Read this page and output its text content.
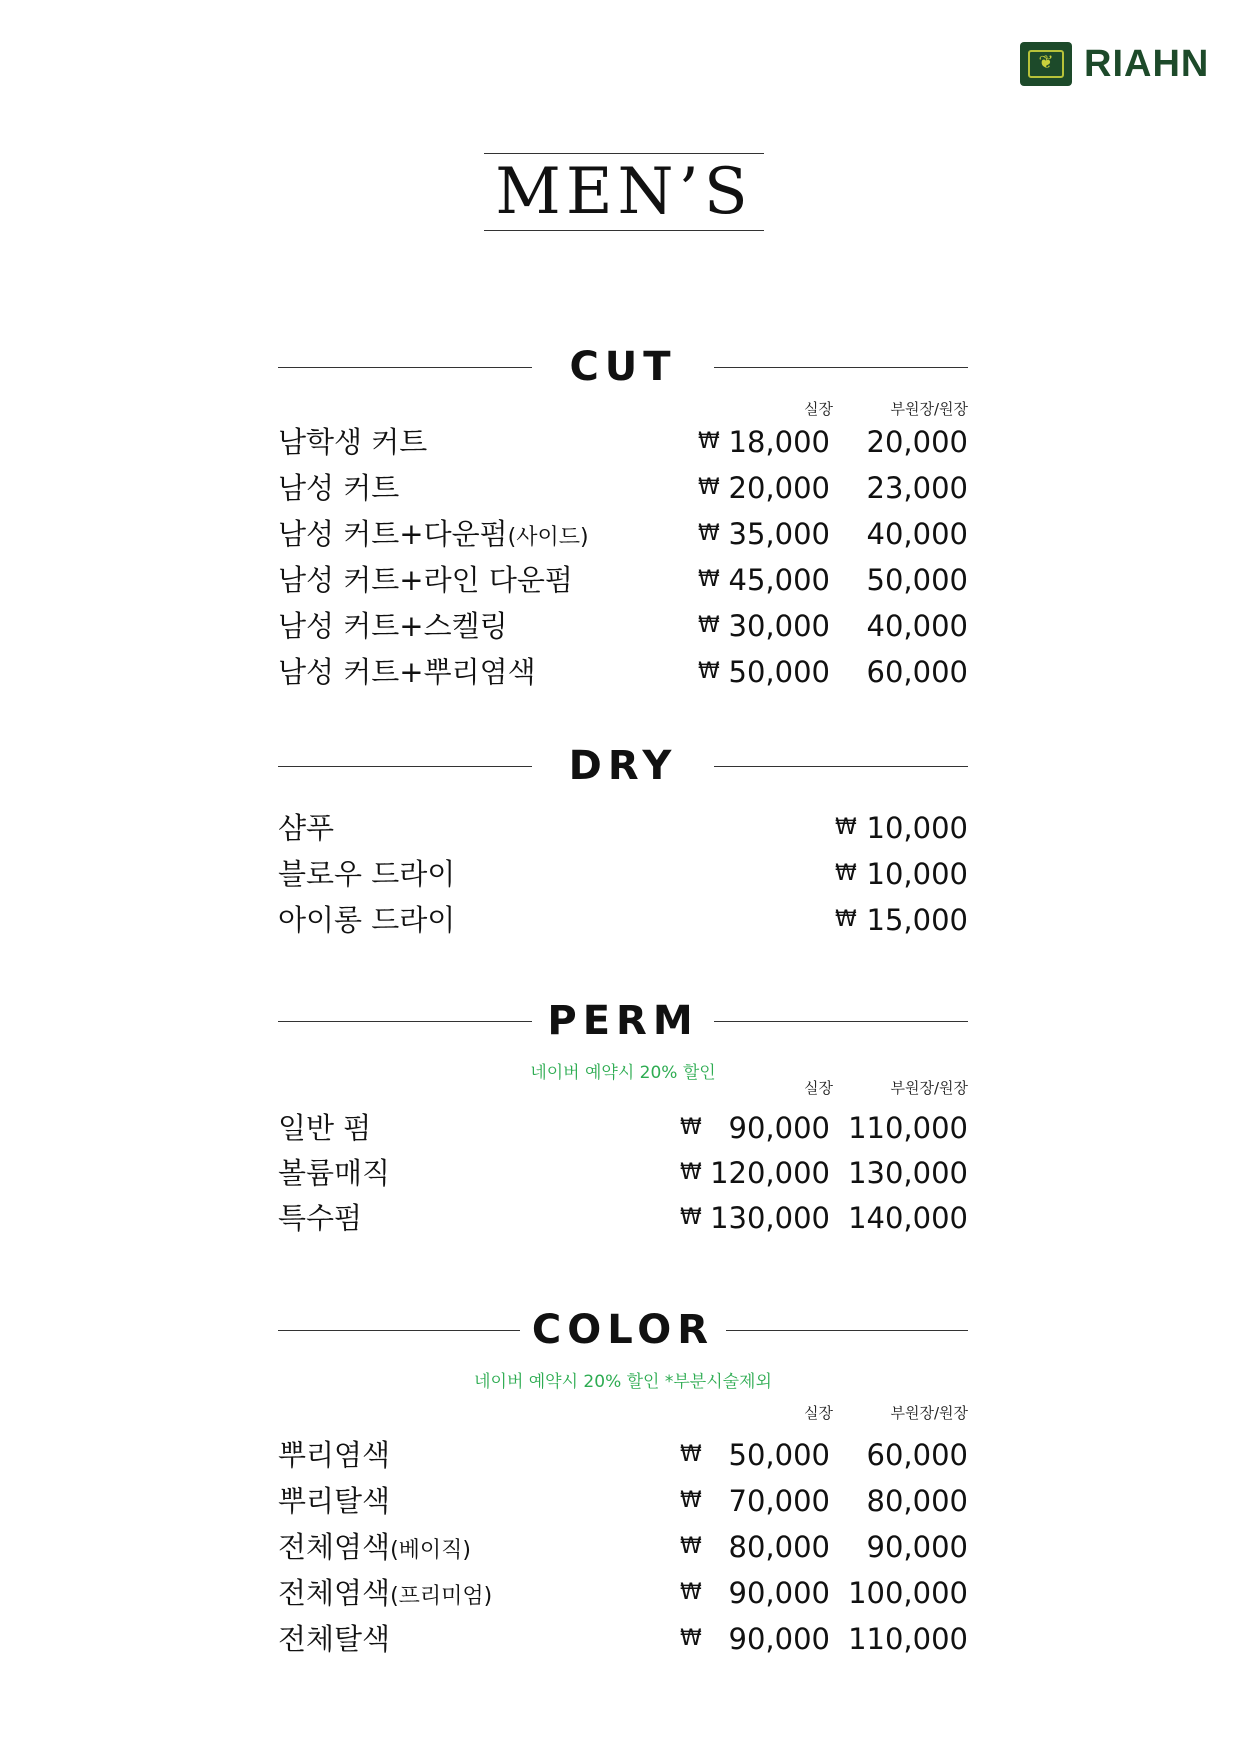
❦ RIAHN
MEN’S
CUT
실장	부원장/원장
남학생 커트	₩ 18,000 20,000
남성 커트	₩ 20,000 23,000
남성 커트+다운펌(사이드)	₩ 35,000 40,000
남성 커트+라인 다운펌	₩ 45,000 50,000
남성 커트+스켈링	₩ 30,000 40,000
남성 커트+뿌리염색	₩ 50,000 60,000
DRY
샴푸	₩ 10,000
블로우 드라이	₩ 10,000
아이롱 드라이	₩ 15,000
PERM
네이버 예약시 20% 할인
실장	부원장/원장
일반 펌	₩ 90,000 110,000
볼륨매직	₩ 120,000 130,000
특수펌	₩ 130,000 140,000
COLOR
네이버 예약시 20% 할인 *부분시술제외
실장	부원장/원장
뿌리염색	₩ 50,000 60,000
뿌리탈색	₩ 70,000 80,000
전체염색(베이직)	₩ 80,000 90,000
전체염색(프리미엄)	₩ 90,000 100,000
전체탈색	₩ 90,000 110,000
